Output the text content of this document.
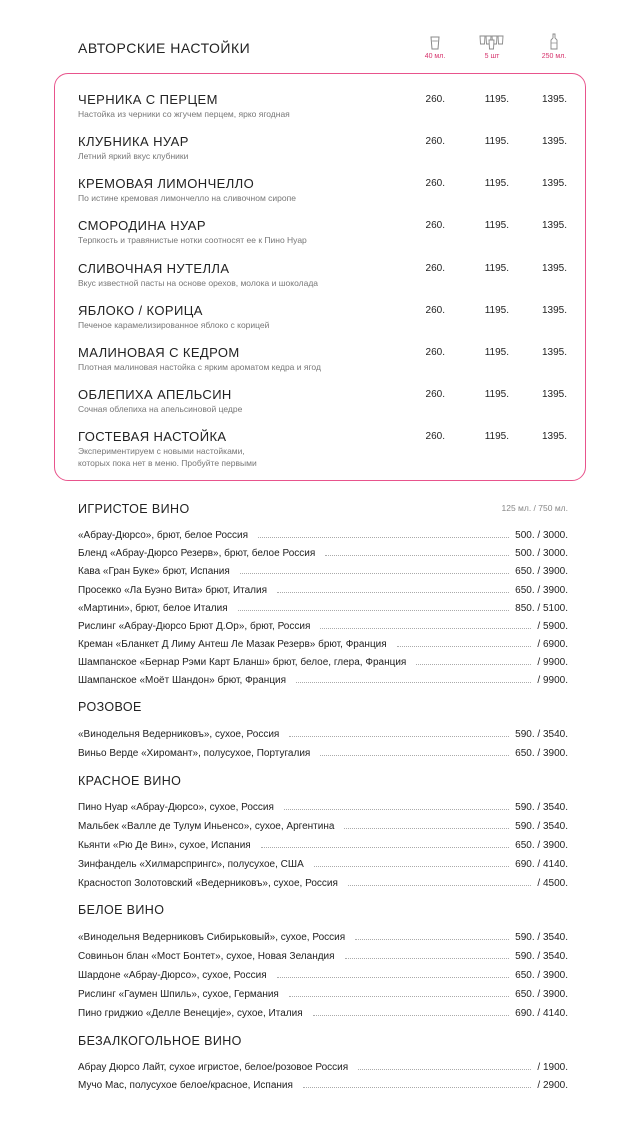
АВТОРСКИЕ НАСТОЙКИ
40 мл.	5 шт	250 мл.
ЧЕРНИКА С ПЕРЦЕМ
Настойка из черники со жгучем перцем, ярко ягодная
260.	1195.	1395.
КЛУБНИКА НУАР
Летний яркий вкус клубники
260.	1195.	1395.
КРЕМОВАЯ ЛИМОНЧЕЛЛО
По истине кремовая лимончелло на сливочном сиропе
260.	1195.	1395.
СМОРОДИНА НУАР
Терпкость и травянистые нотки соотносят ее к Пино Нуар
260.	1195.	1395.
СЛИВОЧНАЯ НУТЕЛЛА
Вкус известной пасты на основе орехов, молока и шоколада
260.	1195.	1395.
ЯБЛОКО / КОРИЦА
Печеное карамелизированное яблоко с корицей
260.	1195.	1395.
МАЛИНОВАЯ С КЕДРОМ
Плотная малиновая настойка с ярким ароматом кедра и ягод
260.	1195.	1395.
ОБЛЕПИХА АПЕЛЬСИН
Сочная облепиха на апельсиновой цедре
260.	1195.	1395.
ГОСТЕВАЯ НАСТОЙКА
Экспериментируем с новыми настойками,
которых пока нет в меню. Пробуйте первыми
260.	1195.	1395.
ИГРИСТОЕ ВИНО	125 мл. / 750 мл.
«Абрау-Дюрсо», брют, белое Россия	500. / 3000.
Бленд «Абрау-Дюрсо Резерв», брют, белое Россия	500. / 3000.
Кава «Гран Буке» брют, Испания	650. / 3900.
Просекко «Ла Буэно Вита» брют, Италия	650. / 3900.
«Мартини», брют, белое Италия	850. / 5100.
Рислинг «Абрау-Дюрсо Брют Д.Ор», брют, Россия	/ 5900.
Креман «Бланкет Д Лиму Антеш Ле Мазак Резерв» брют, Франция	/ 6900.
Шампанское «Бернар Рэми Карт Бланш» брют, белое, глера, Франция	/ 9900.
Шампанское «Моёт Шандон» брют, Франция	/ 9900.
РОЗОВОЕ
«Винодельня Ведерниковъ», сухое, Россия	590. / 3540.
Виньо Верде «Хиромант», полусухое, Португалия	650. / 3900.
КРАСНОЕ ВИНО
Пино Нуар «Абрау-Дюрсо», сухое, Россия	590. / 3540.
Мальбек «Валле де Тулум Иньенсо», сухое, Аргентина	590. / 3540.
Кьянти «Рю Де Вин», сухое, Испания	650. / 3900.
Зинфандель «Хилмарспрингс», полусухое, США	690. / 4140.
Красностоп Золотовский «Ведерниковъ», сухое, Россия	/ 4500.
БЕЛОЕ ВИНО
«Винодельня Ведерниковъ Сибирьковый», сухое, Россия	590. / 3540.
Совиньон блан «Мост Бонтет», сухое, Новая Зеландия	590. / 3540.
Шардоне «Абрау-Дюрсо», сухое, Россия	650. / 3900.
Рислинг «Гаумен Шпиль», сухое, Германия	650. / 3900.
Пино гриджио «Делле Венеције», сухое, Италия	690. / 4140.
БЕЗАЛКОГОЛЬНОЕ ВИНО
Абрау Дюрсо Лайт, сухое игристое, белое/розовое Россия	/ 1900.
Мучо Мас, полусухое белое/красное, Испания	/ 2900.
